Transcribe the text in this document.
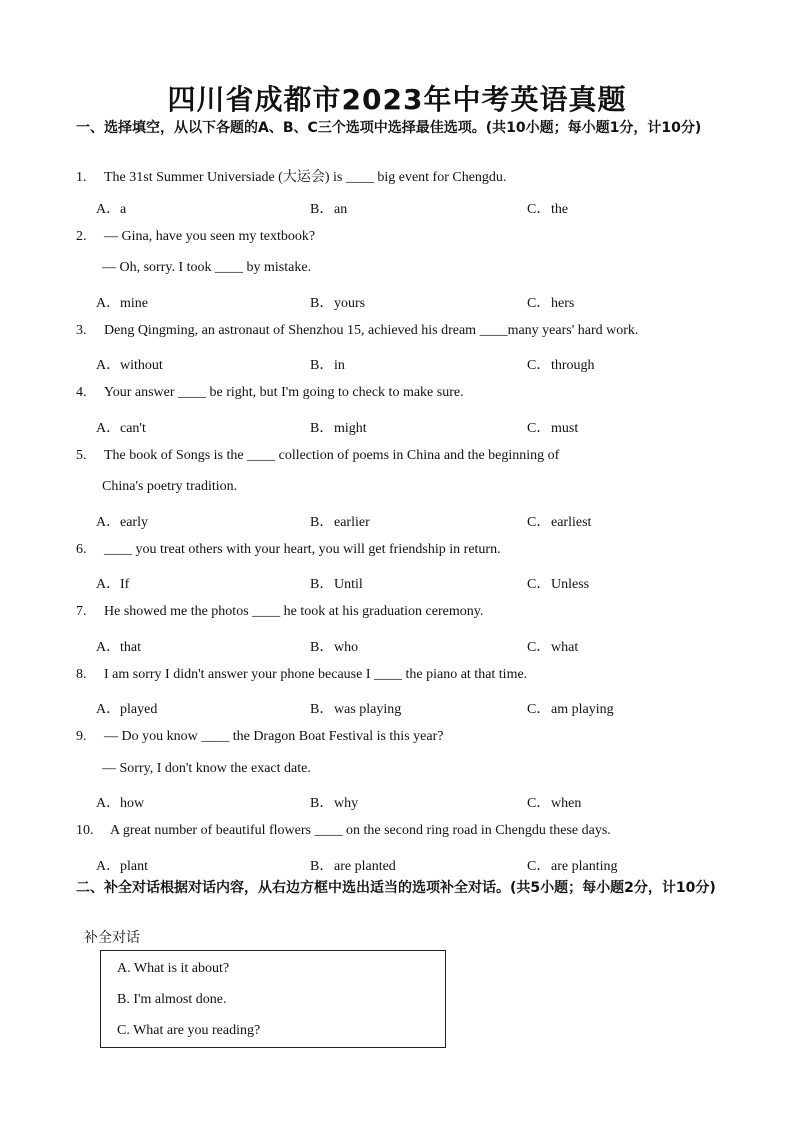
四川省成都市2023年中考英语真题
一、选择填空，从以下各题的A、B、C三个选项中选择最佳选项。(共10小题；每小题1分，计10分)
1. The 31st Summer Universiade (大运会) is ____ big event for Chengdu.
A．a	B．an	C．the
2. — Gina, have you seen my textbook?
— Oh, sorry. I took ____ by mistake.
A．mine	B．yours	C．hers
3. Deng Qingming, an astronaut of Shenzhou 15, achieved his dream ____many years' hard work.
A．without	B．in	C．through
4. Your answer ____ be right, but I'm going to check to make sure.
A．can't	B．might	C．must
5. The book of Songs is the ____ collection of poems in China and the beginning of
China's poetry tradition.
A．early	B．earlier	C．earliest
6. ____ you treat others with your heart, you will get friendship in return.
A．If	B．Until	C．Unless
7. He showed me the photos ____ he took at his graduation ceremony.
A．that	B．who	C．what
8. I am sorry I didn't answer your phone because I ____ the piano at that time.
A．played	B．was playing	C．am playing
9. — Do you know ____ the Dragon Boat Festival is this year?
— Sorry, I don't know the exact date.
A．how	B．why	C．when
10. A great number of beautiful flowers ____ on the second ring road in Chengdu these days.
A．plant	B．are planted	C．are planting
二、补全对话根据对话内容，从右边方框中选出适当的选项补全对话。(共5小题；每小题2分，计10分)
补全对话
A. What is it about?
B. I'm almost done.
C. What are you reading?
